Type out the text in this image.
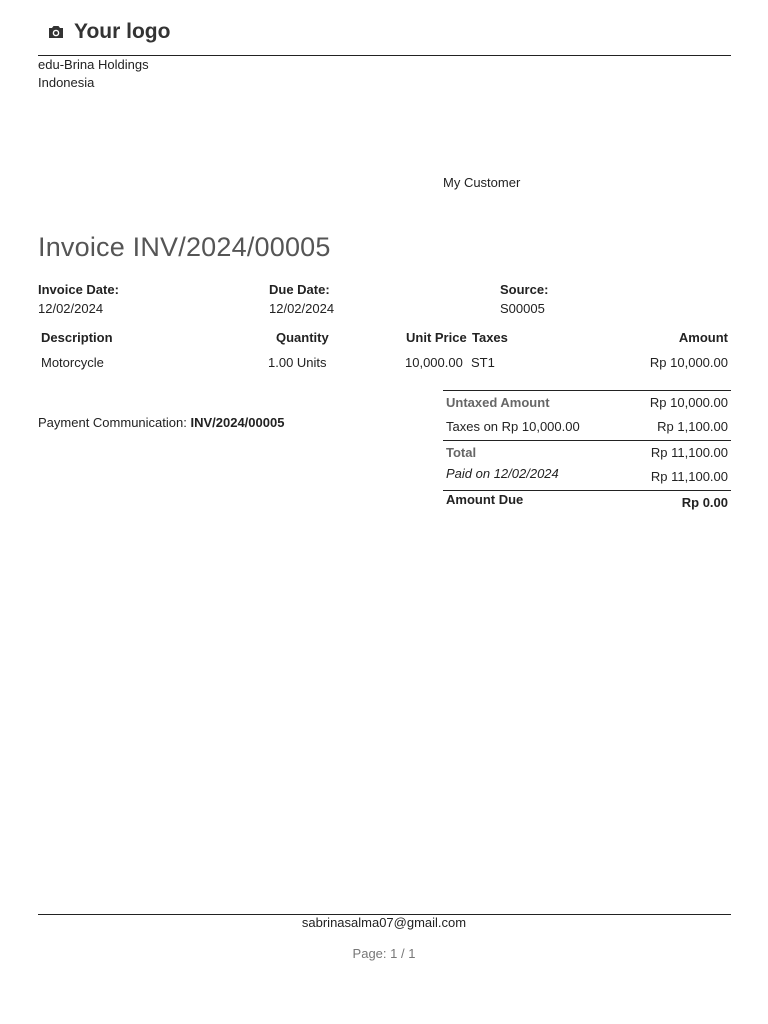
Your logo
edu-Brina Holdings
Indonesia
My Customer
Invoice INV/2024/00005
Invoice Date:
12/02/2024
Due Date:
12/02/2024
Source:
S00005
Description	Quantity	Unit Price Taxes	Amount
Motorcycle	1.00 Units	10,000.00 ST1	Rp 10,000.00
Payment Communication: INV/2024/00005
Untaxed Amount	Rp 10,000.00
Taxes on Rp 10,000.00	Rp 1,100.00
Total	Rp 11,100.00
Paid on 12/02/2024	Rp 11,100.00
Amount Due	Rp 0.00
sabrinasalma07@gmail.com
Page: 1 / 1
